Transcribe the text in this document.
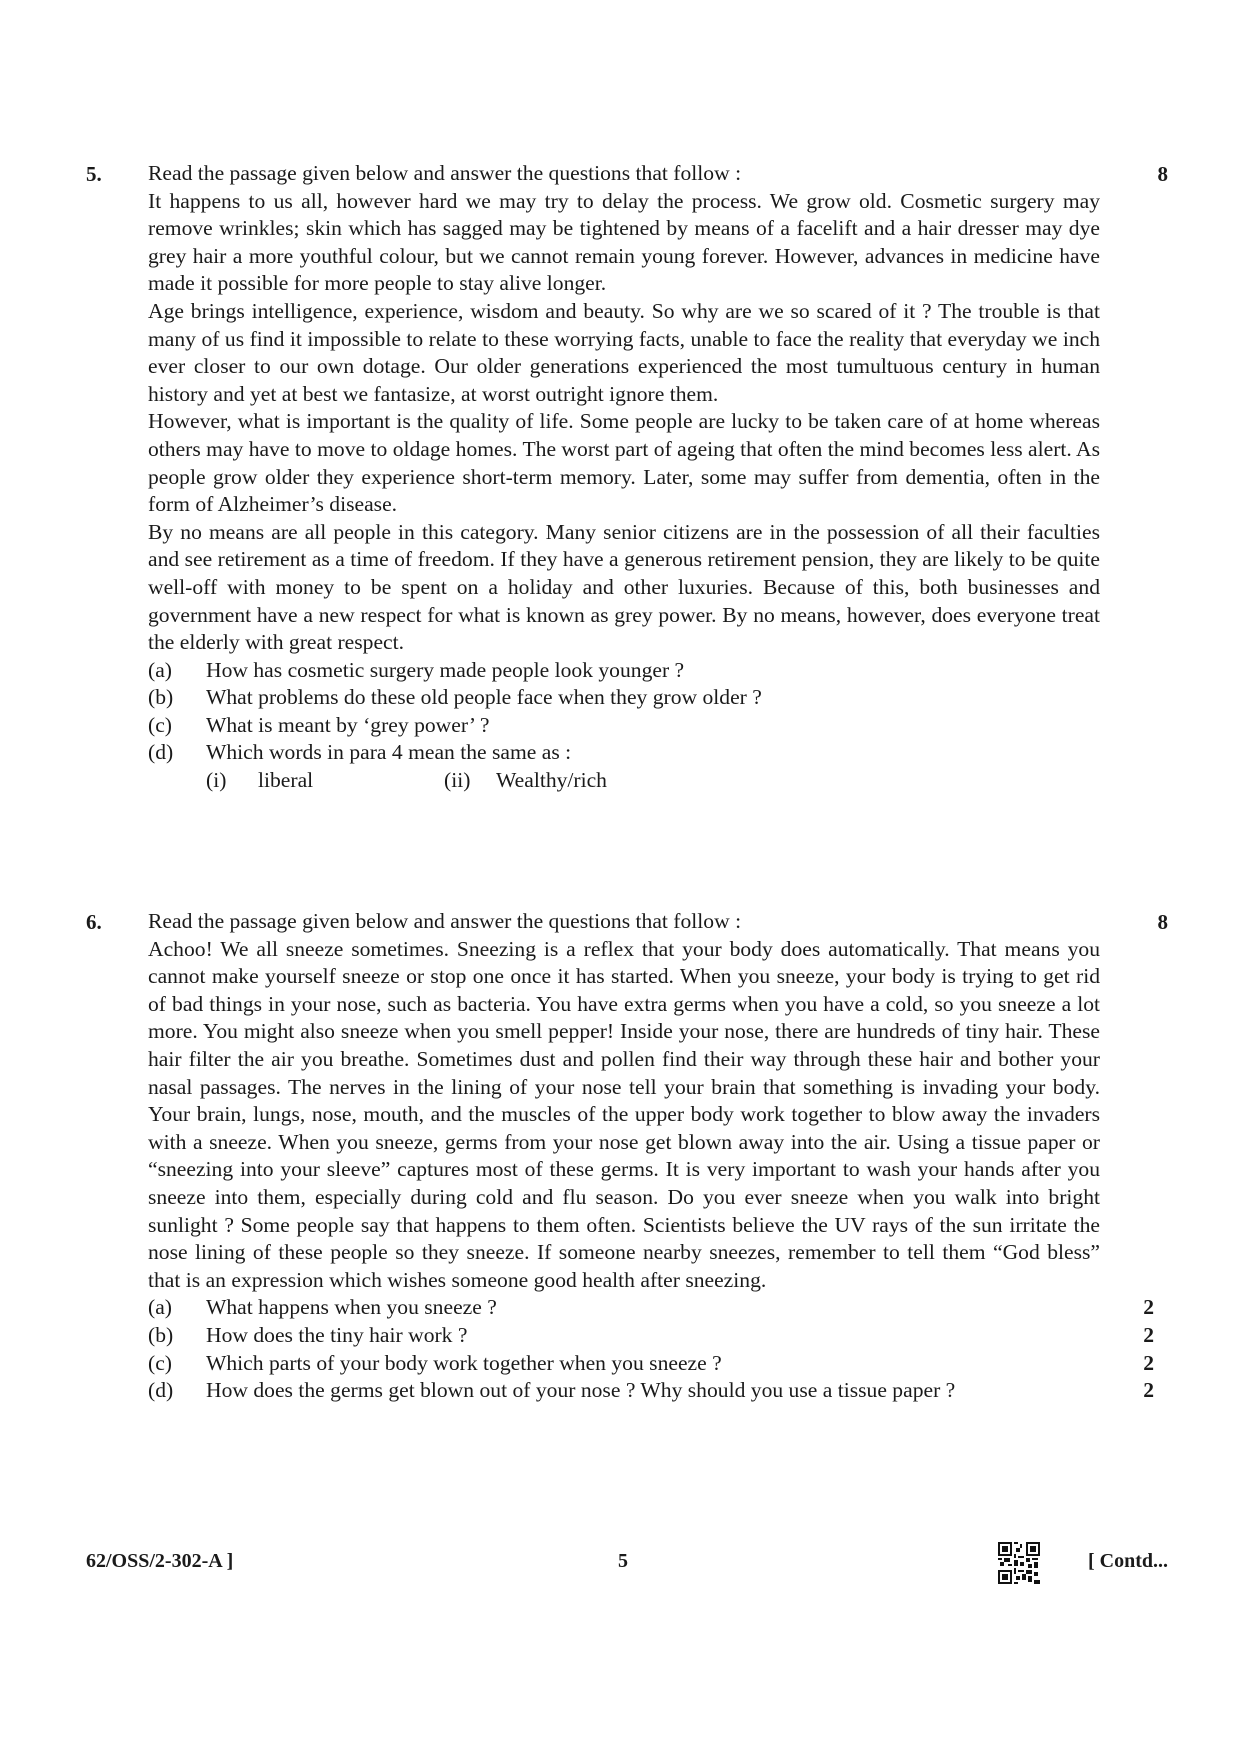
5.	8

Read the passage given below and answer the questions that follow :

It happens to us all, however hard we may try to delay the process. We grow old. Cosmetic surgery may remove wrinkles; skin which has sagged may be tightened by means of a facelift and a hair dresser may dye grey hair a more youthful colour, but we cannot remain young forever. However, advances in medicine have made it possible for more people to stay alive longer.

Age brings intelligence, experience, wisdom and beauty. So why are we so scared of it ? The trouble is that many of us find it impossible to relate to these worrying facts, unable to face the reality that everyday we inch ever closer to our own dotage. Our older generations experienced the most tumultuous century in human history and yet at best we fantasize, at worst outright ignore them.

However, what is important is the quality of life. Some people are lucky to be taken care of at home whereas others may have to move to oldage homes. The worst part of ageing that often the mind becomes less alert. As people grow older they experience short-term memory. Later, some may suffer from dementia, often in the form of Alzheimer’s disease.

By no means are all people in this category. Many senior citizens are in the possession of all their faculties and see retirement as a time of freedom. If they have a generous retirement pension, they are likely to be quite well-off with money to be spent on a holiday and other luxuries. Because of this, both businesses and government have a new respect for what is known as grey power. By no means, however, does everyone treat the elderly with great respect.

(a) How has cosmetic surgery made people look younger ?
(b) What problems do these old people face when they grow older ?
(c) What is meant by ‘grey power’ ?
(d) Which words in para 4 mean the same as :
(i) liberal	(ii) Wealthy/rich
6.	8

Read the passage given below and answer the questions that follow :

Achoo! We all sneeze sometimes. Sneezing is a reflex that your body does automatically. That means you cannot make yourself sneeze or stop one once it has started. When you sneeze, your body is trying to get rid of bad things in your nose, such as bacteria. You have extra germs when you have a cold, so you sneeze a lot more. You might also sneeze when you smell pepper! Inside your nose, there are hundreds of tiny hair. These hair filter the air you breathe. Sometimes dust and pollen find their way through these hair and bother your nasal passages. The nerves in the lining of your nose tell your brain that something is invading your body. Your brain, lungs, nose, mouth, and the muscles of the upper body work together to blow away the invaders with a sneeze. When you sneeze, germs from your nose get blown away into the air. Using a tissue paper or “sneezing into your sleeve” captures most of these germs. It is very important to wash your hands after you sneeze into them, especially during cold and flu season. Do you ever sneeze when you walk into bright sunlight ? Some people say that happens to them often. Scientists believe the UV rays of the sun irritate the nose lining of these people so they sneeze. If someone nearby sneezes, remember to tell them “God bless” that is an expression which wishes someone good health after sneezing.

(a) What happens when you sneeze ?	2
(b) How does the tiny hair work ?	2
(c) Which parts of your body work together when you sneeze ?	2
(d) How does the germs get blown out of your nose ? Why should you use a tissue paper ?	2
62/OSS/2-302-A ]	5	[ Contd...
